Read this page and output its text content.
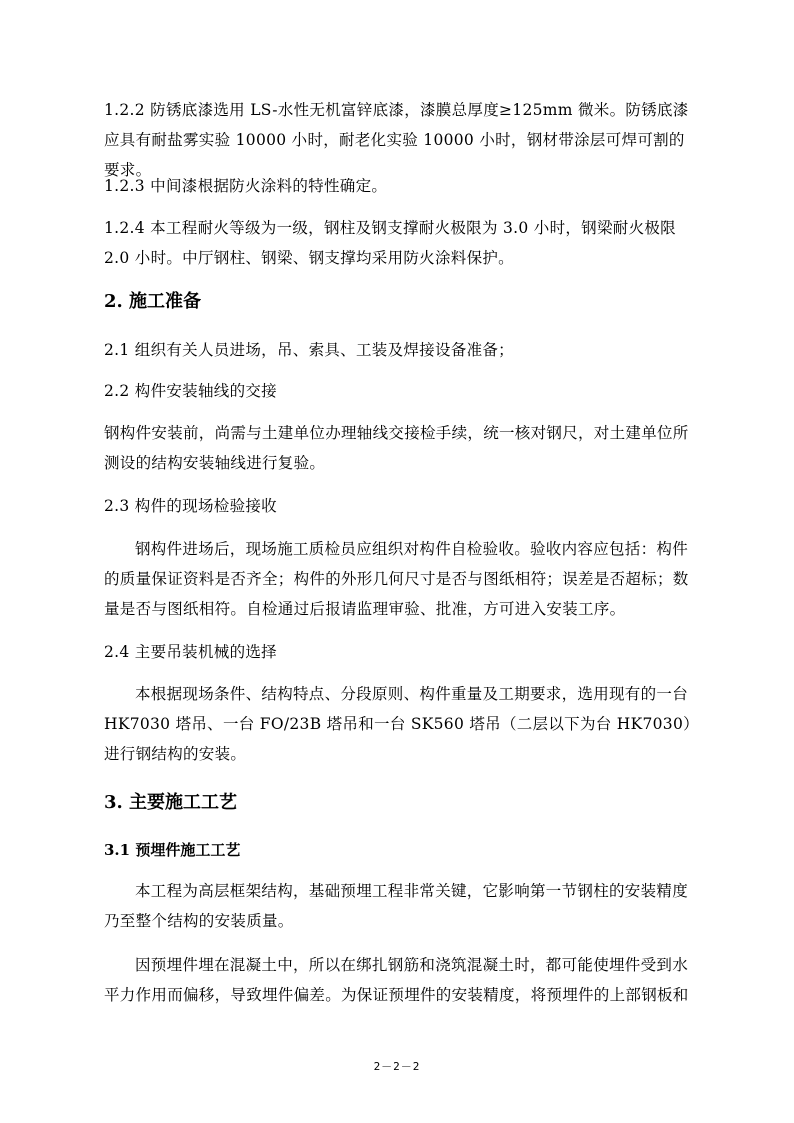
1.2.2 防锈底漆选用 LS-水性无机富锌底漆，漆膜总厚度≥125mm 微米。防锈底漆应具有耐盐雾实验 10000 小时，耐老化实验 10000 小时，钢材带涂层可焊可割的要求。

1.2.3 中间漆根据防火涂料的特性确定。

1.2.4 本工程耐火等级为一级，钢柱及钢支撑耐火极限为 3.0 小时，钢梁耐火极限 2.0 小时。中厅钢柱、钢梁、钢支撑均采用防火涂料保护。

2. 施工准备

2.1 组织有关人员进场，吊、索具、工装及焊接设备准备；

2.2 构件安装轴线的交接

钢构件安装前，尚需与土建单位办理轴线交接检手续，统一核对钢尺，对土建单位所测设的结构安装轴线进行复验。

2.3 构件的现场检验接收

钢构件进场后，现场施工质检员应组织对构件自检验收。验收内容应包括：构件的质量保证资料是否齐全；构件的外形几何尺寸是否与图纸相符；误差是否超标；数量是否与图纸相符。自检通过后报请监理审验、批准，方可进入安装工序。

2.4 主要吊装机械的选择

本根据现场条件、结构特点、分段原则、构件重量及工期要求，选用现有的一台 HK7030 塔吊、一台 FO/23B 塔吊和一台 SK560 塔吊（二层以下为台 HK7030）进行钢结构的安装。

3. 主要施工工艺
3.1 预埋件施工工艺

本工程为高层框架结构，基础预埋工程非常关键，它影响第一节钢柱的安装精度乃至整个结构的安装质量。

因预埋件埋在混凝土中，所以在绑扎钢筋和浇筑混凝土时，都可能使埋件受到水平力作用而偏移，导致埋件偏差。为保证预埋件的安装精度，将预埋件的上部钢板和

2－2－2
